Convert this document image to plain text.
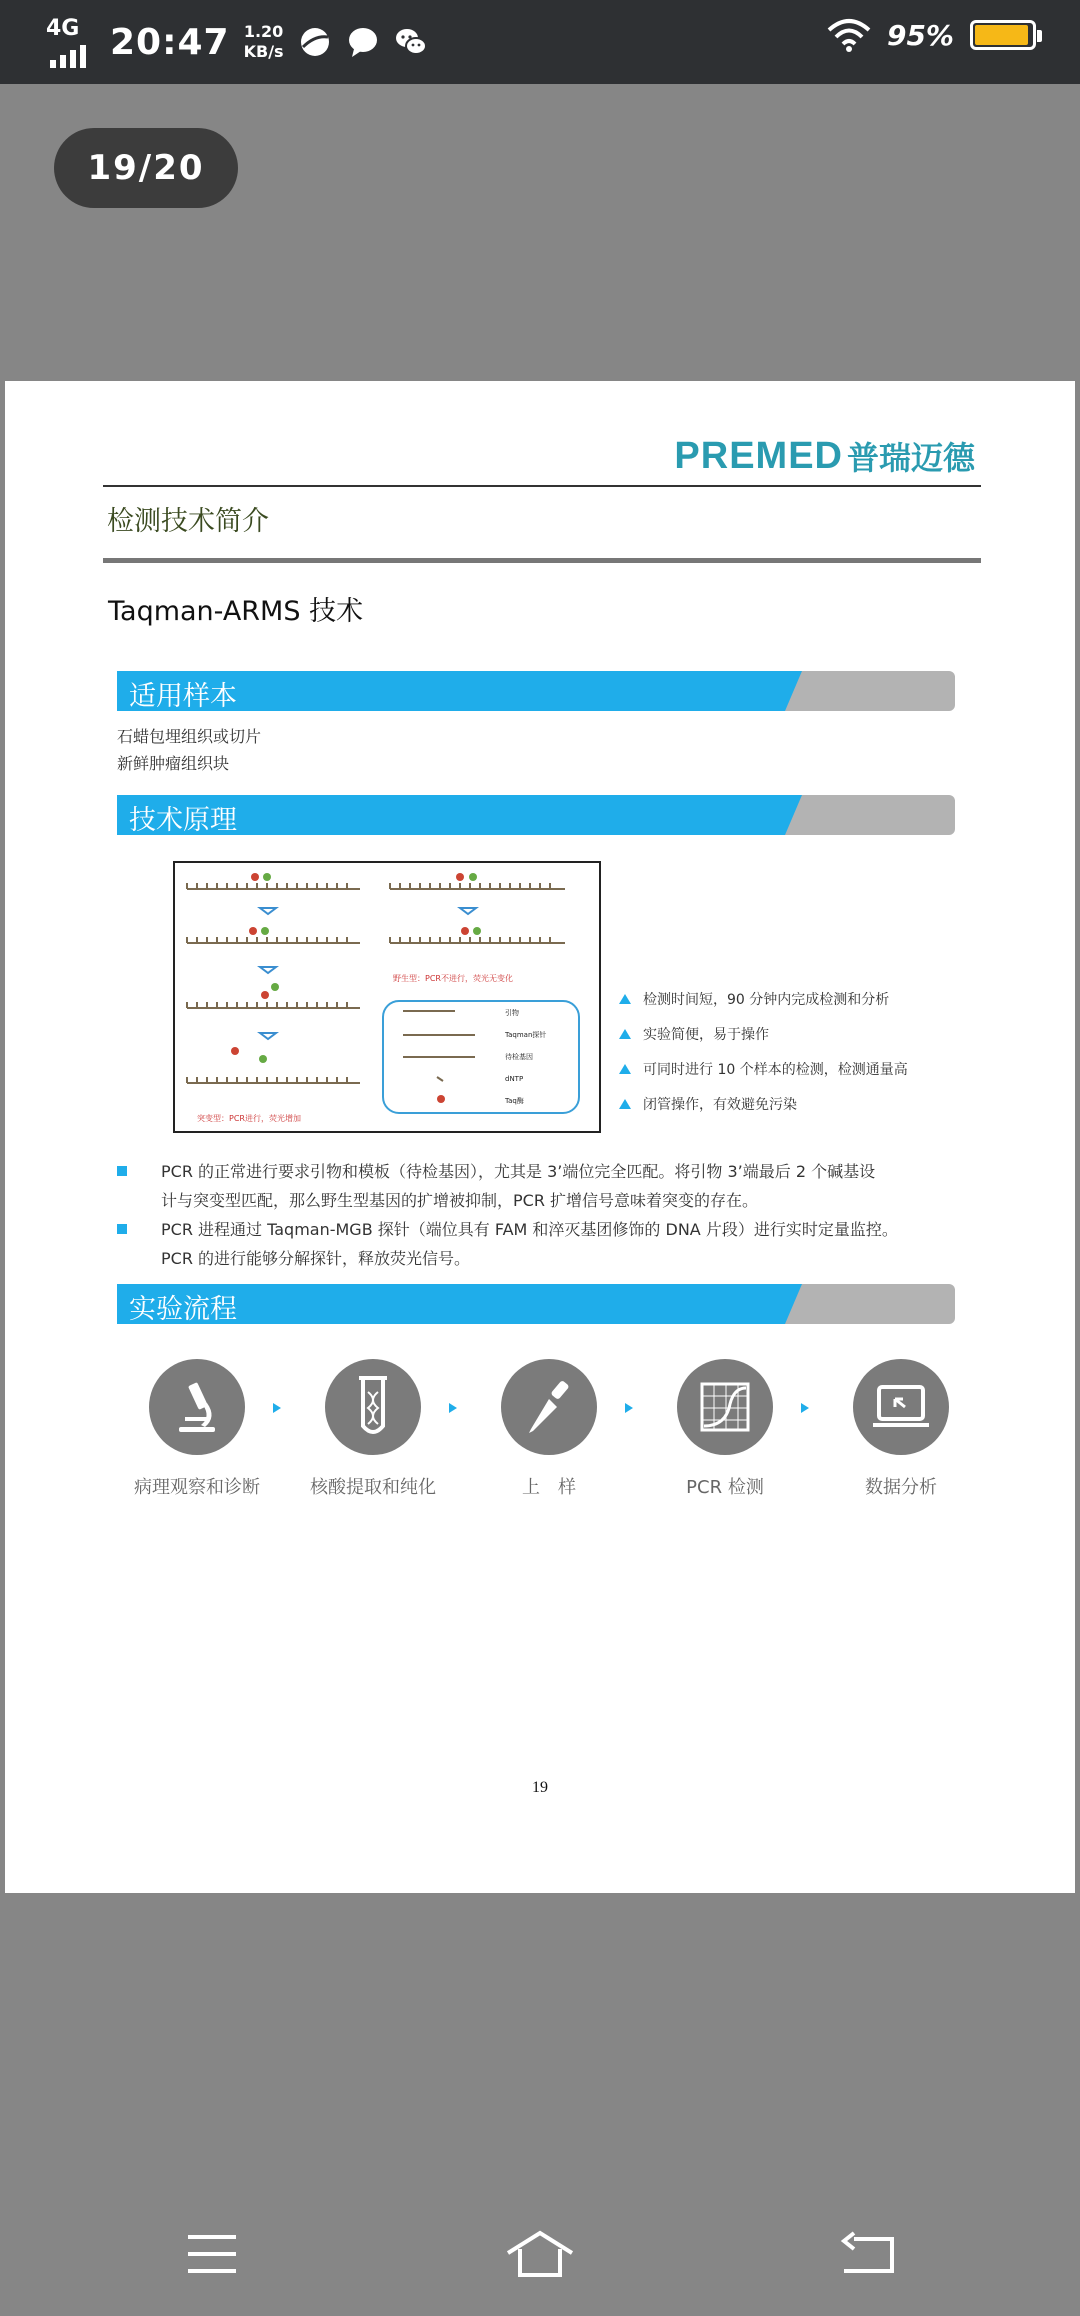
4G 20:47 1.20
KB/s	95%
19/20
PREMED 普瑞迈德
检测技术简介
Taqman-ARMS 技术
适用样本
石蜡包埋组织或切片
新鲜肿瘤组织块
技术原理
野生型：PCR不进行，荧光无变化
突变型：PCR进行，荧光增加
引物
Taqman探针
待检基因
dNTP
Taq酶
检测时间短，90 分钟内完成检测和分析
实验简便，易于操作
可同时进行 10 个样本的检测，检测通量高
闭管操作，有效避免污染
PCR 的正常进行要求引物和模板（待检基因），尤其是 3’端位完全匹配。将引物 3’端最后 2 个碱基设
计与突变型匹配，那么野生型基因的扩增被抑制，PCR 扩增信号意味着突变的存在。
PCR 进程通过 Taqman-MGB 探针（端位具有 FAM 和淬灭基团修饰的 DNA 片段）进行实时定量监控。
PCR 的进行能够分解探针，释放荧光信号。
实验流程
病理观察和诊断	核酸提取和纯化	上　样	PCR 检测	数据分析
19
